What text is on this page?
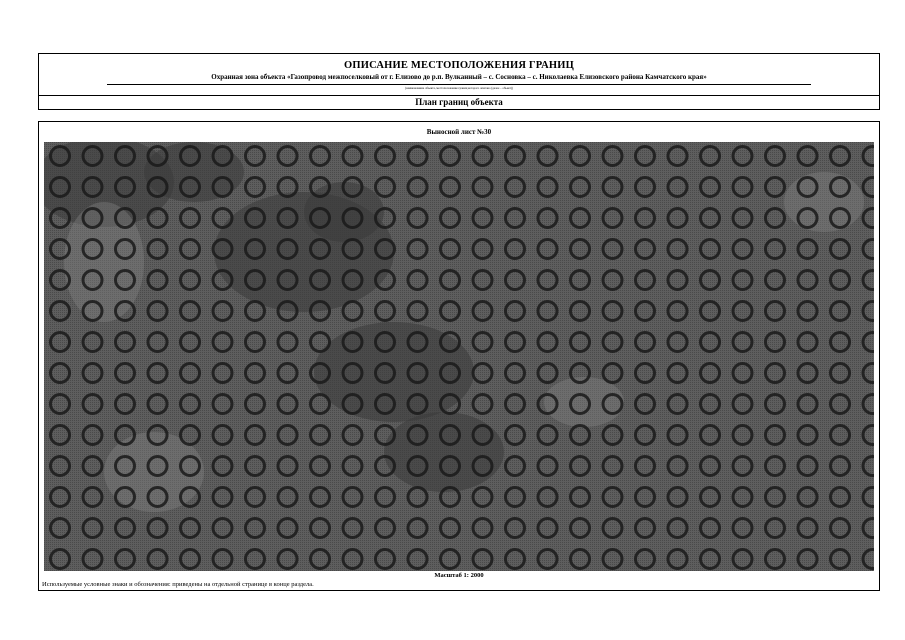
ОПИСАНИЕ МЕСТОПОЛОЖЕНИЯ ГРАНИЦ
Охранная зона объекта «Газопровод межпоселковый от г. Елизово до р.п. Вулканный – с. Сосновка – с. Николаевка Елизовского района Камчатского края»
(наименование объекта, местоположение границ которого описано (далее – объект))
План границ объекта
Выносной лист №30
Масштаб 1: 2000
Используемые условные знаки и обозначения: приведены на отдельной странице в конце раздела.
